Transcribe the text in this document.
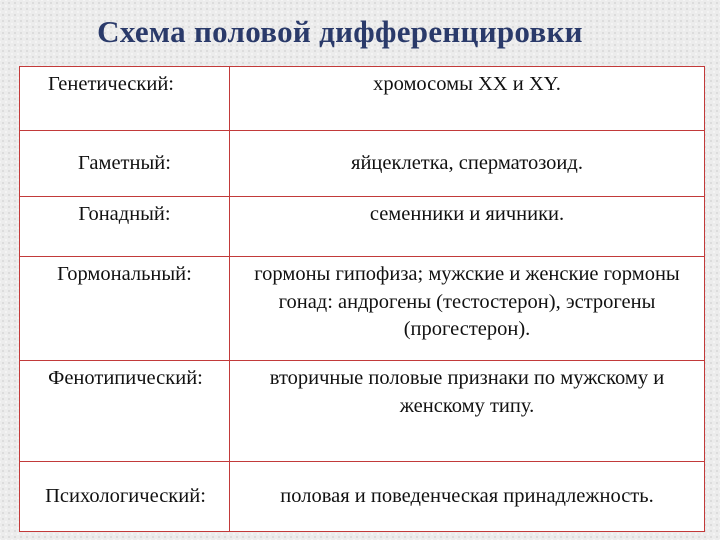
Схема половой дифференцировки
Генетический:	хромосомы XX и XY.
Гаметный:	яйцеклетка, сперматозоид.
Гонадный:	семенники и яичники.
Гормональный:	гормоны гипофиза; мужские и женские гормоны гонад: андрогены (тестостерон), эстрогены (прогестерон).
Фенотипический:	вторичные половые признаки по мужскому и женскому типу.
Психологический:	половая и поведенческая принадлежность.
